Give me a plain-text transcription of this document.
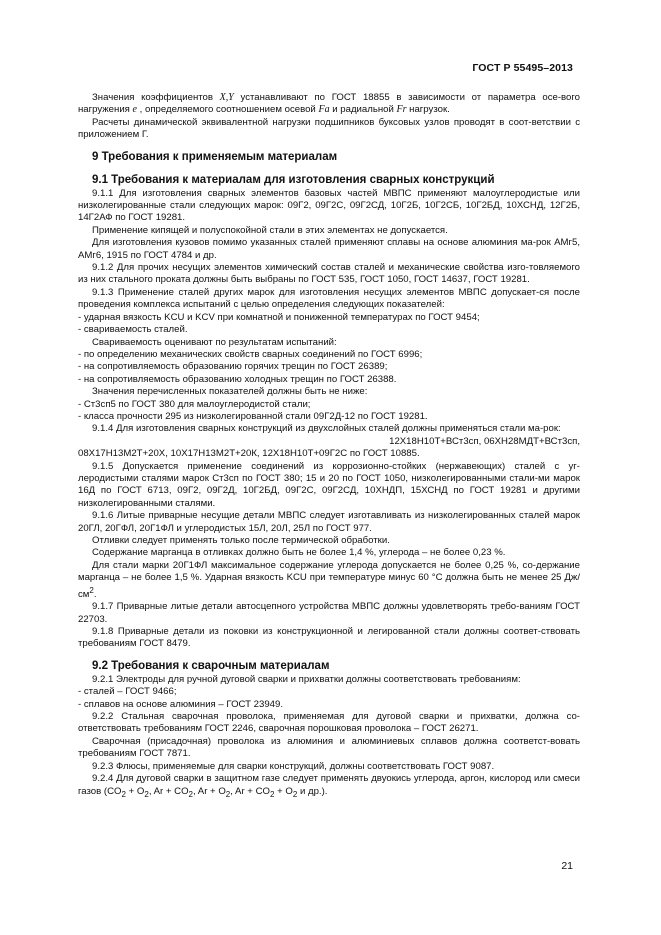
ГОСТ Р 55495–2013

Значения коэффициентов X,Y устанавливают по ГОСТ 18855 в зависимости от параметра осе-вого нагружения e , определяемого соотношением осевой Fa и радиальной Fr нагрузок.

Расчеты динамической эквивалентной нагрузки подшипников буксовых узлов проводят в соот-ветствии с приложением Г.

9 Требования к применяемым материалам
9.1 Требования к материалам для изготовления сварных конструкций

9.1.1 Для изготовления сварных элементов базовых частей МВПС применяют малоуглеродистые или низколегированные стали следующих марок: 09Г2, 09Г2С, 09Г2СД, 10Г2Б, 10Г2СБ, 10Г2БД, 10ХСНД, 12Г2Б, 14Г2АФ по ГОСТ 19281.

Применение кипящей и полуспокойной стали в этих элементах не допускается.

Для изготовления кузовов помимо указанных сталей применяют сплавы на основе алюминия ма-рок АМг5, АМг6, 1915 по ГОСТ 4784 и др.

9.1.2 Для прочих несущих элементов химический состав сталей и механические свойства изго-товляемого из них стального проката должны быть выбраны по ГОСТ 535, ГОСТ 1050, ГОСТ 14637, ГОСТ 19281.

9.1.3 Применение сталей других марок для изготовления несущих элементов МВПС допускает-ся после проведения комплекса испытаний с целью определения следующих показателей:

- ударная вязкость KCU и KCV при комнатной и пониженной температурах по ГОСТ 9454;

- свариваемость сталей.

Свариваемость оценивают по результатам испытаний:

- по определению механических свойств сварных соединений по ГОСТ 6996;

- на сопротивляемость образованию горячих трещин по ГОСТ 26389;

- на сопротивляемость образованию холодных трещин по ГОСТ 26388.

Значения перечисленных показателей должны быть не ниже:

- Ст3сп5 по ГОСТ 380 для малоуглеродистой стали;

- класса прочности 295 из низколегированной стали 09Г2Д-12 по ГОСТ 19281.

9.1.4 Для изготовления сварных конструкций из двухслойных сталей должны применяться стали ма-рок:

12Х18Н10Т+ВСт3сп, 06ХН28МДТ+ВСт3сп,

08Х17Н13М2Т+20Х, 10Х17Н13М2Т+20К, 12Х18Н10Т+09Г2С по ГОСТ 10885.

9.1.5 Допускается применение соединений из коррозионно-стойких (нержавеющих) сталей с уг-леродистыми сталями марок Ст3сп по ГОСТ 380; 15 и 20 по ГОСТ 1050, низколегированными стали-ми марок 16Д по ГОСТ 6713, 09Г2, 09Г2Д, 10Г2БД, 09Г2С, 09Г2СД, 10ХНДП, 15ХСНД по ГОСТ 19281 и другими низколегированными сталями.

9.1.6 Литые приварные несущие детали МВПС следует изготавливать из низколегированных сталей марок 20ГЛ, 20ГФЛ, 20Г1ФЛ и углеродистых 15Л, 20Л, 25Л по ГОСТ 977.

Отливки следует применять только после термической обработки.

Содержание марганца в отливках должно быть не более 1,4 %, углерода – не более 0,23 %.

Для стали марки 20Г1ФЛ максимальное содержание углерода допускается не более 0,25 %, со-держание марганца – не более 1,5 %. Ударная вязкость KCU при температуре минус 60 °С должна быть не менее 25 $Дж/см^2$.

9.1.7 Приварные литые детали автосцепного устройства МВПС должны удовлетворять требо-ваниям ГОСТ 22703.

9.1.8 Приварные детали из поковки из конструкционной и легированной стали должны соответ-ствовать требованиям ГОСТ 8479.

9.2 Требования к сварочным материалам

9.2.1 Электроды для ручной дуговой сварки и прихватки должны соответствовать требованиям:

- сталей – ГОСТ 9466;

- сплавов на основе алюминия – ГОСТ 23949.

9.2.2 Стальная сварочная проволока, применяемая для дуговой сварки и прихватки, должна со-ответствовать требованиям ГОСТ 2246, сварочная порошковая проволока – ГОСТ 26271.

Сварочная (присадочная) проволока из алюминия и алюминиевых сплавов должна соответст-вовать требованиям ГОСТ 7871.

9.2.3 Флюсы, применяемые для сварки конструкций, должны соответствовать ГОСТ 9087.

9.2.4 Для дуговой сварки в защитном газе следует применять двуокись углерода, аргон, кислород или смеси газов ($CO_2 + O_2$, $Ar + CO_2$, $Ar + O_2$, $Ar + CO_2 + O_2$ и др.).

21
